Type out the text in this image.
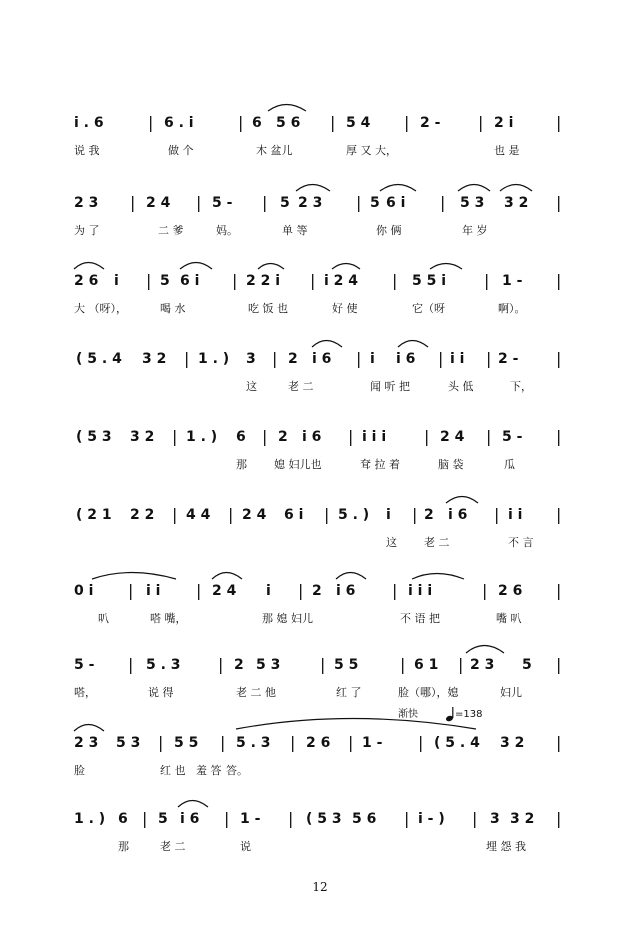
i . 6	| 6 . i	| 6 5 6 | 5 4 | 2 - | 2 i	|
说 我	做 个	木 盆儿	厚 又 大，	也 是
2 3 | 2 4 | 5 - | 5 2 3 | 5 6 i | 5 3 3 2 |
为 了	二 爹	妈。	单 等	你 俩	年 岁
2 6 i | 5 6 i | 2 2 i | i 2 4 | 5 5 i | 1 - |
大 （呀），	喝 水	吃 饭 也	好 使	它（呀	啊）。
( 5 . 4 3 2 | 1 . ) 3 | 2 i 6 | i i 6 | i i | 2 - |
这	老 二	闻 听 把	头 低	下，
( 5 3 3 2 | 1 . ) 6 | 2 i 6 | i i i | 2 4 | 5 - |
那 媳 妇儿也	耷 拉 着	脑 袋	瓜
( 2 1 2 2 | 4 4 | 2 4 6 i | 5 . ) i | 2 i 6 | i i |
这 老 二	不 言
0 i | i i | 2 4 i | 2 i 6 | i i i	| 2 6 |
叭	嗒 嘴，	那 媳 妇儿	不 语 把	嘴 叭
5 - | 5 . 3 | 2 5 3 | 5 5	| 6 1 | 2 3 5 |
嗒，	说 得	老 二 他	红 了	脸（哪），媳	妇儿
渐快	=138
2 3 5 3 | 5 5 | 5 . 3 | 2 6 | 1 - | ( 5 . 4 3 2 |
脸	红 也 羞 答 答。
1 . ) 6 | 5 i 6 | 1 - | ( 5 3 5 6 | i - ) | 3 3 2 |
那	老 二	说	埋 怨 我
12
